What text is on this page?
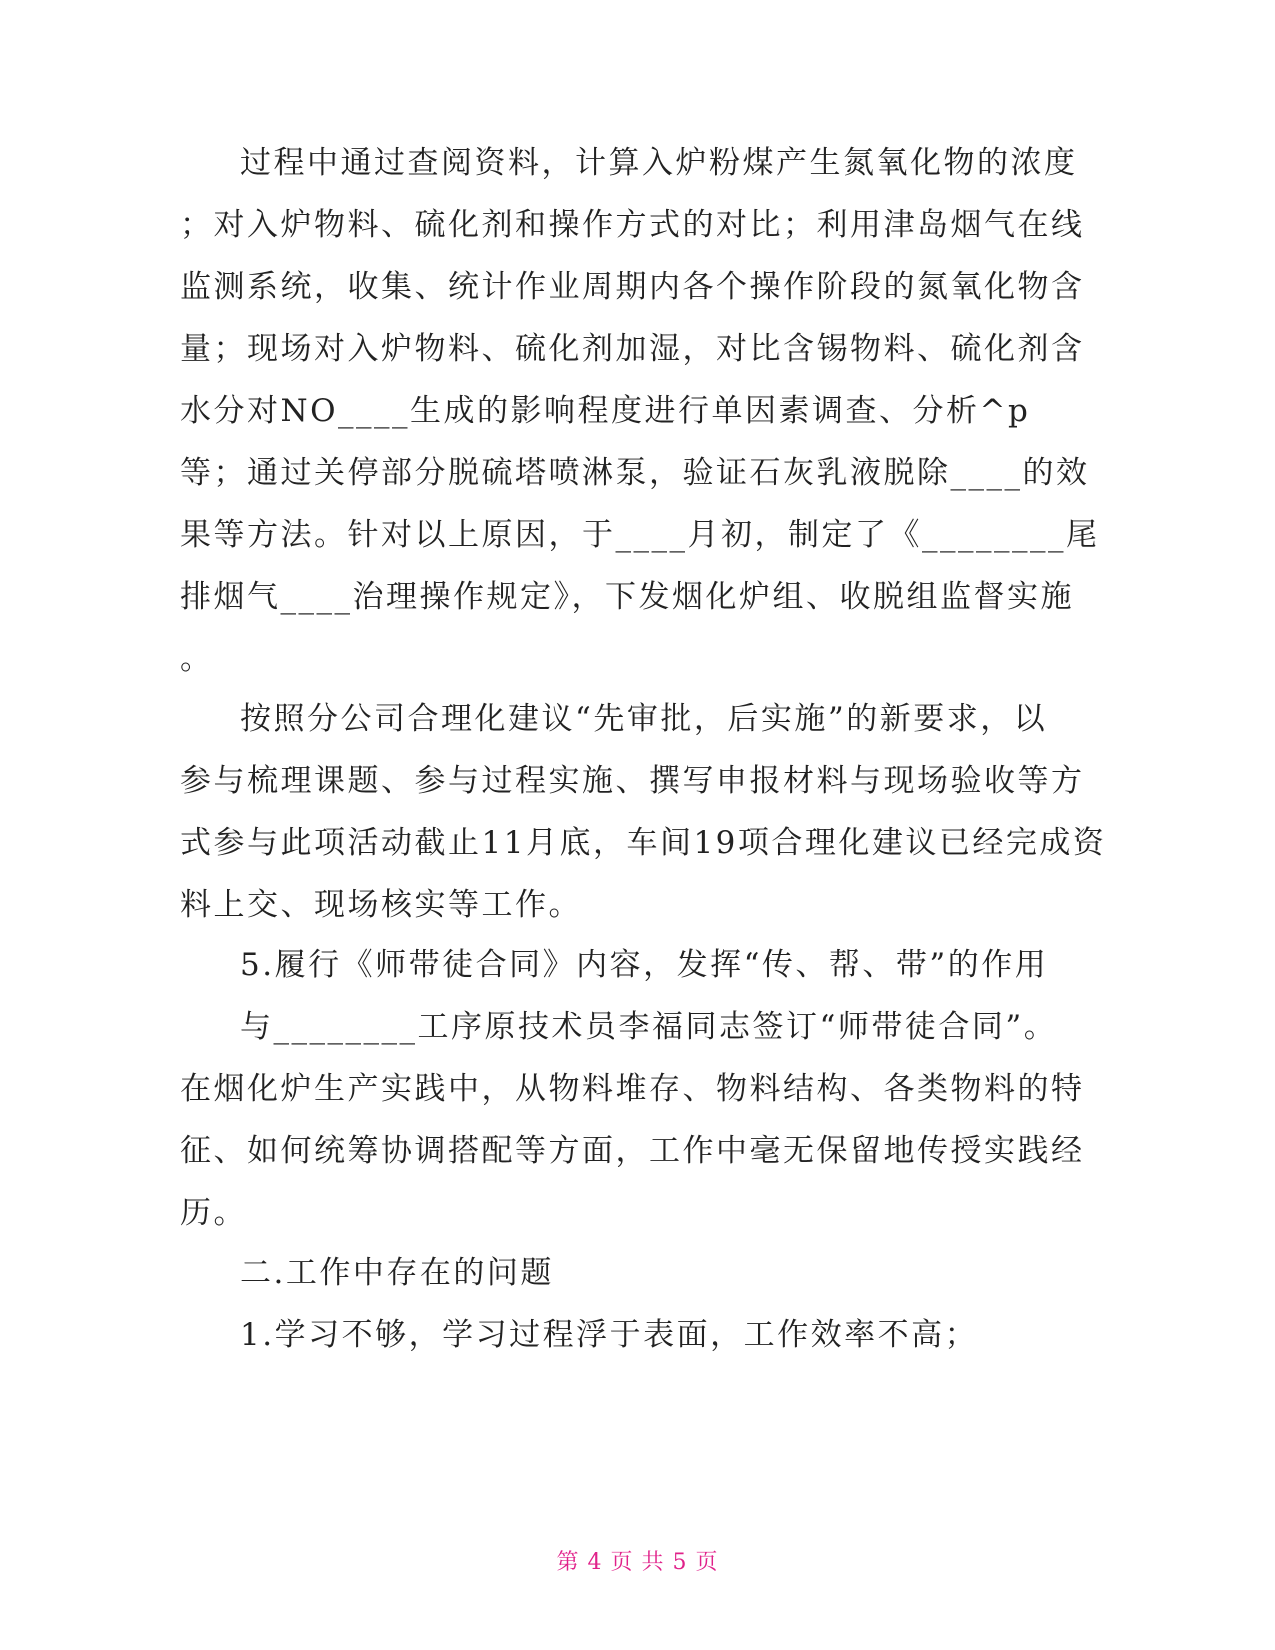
过程中通过查阅资料，计算入炉粉煤产生氮氧化物的浓度
；对入炉物料、硫化剂和操作方式的对比；利用津岛烟气在线
监测系统，收集、统计作业周期内各个操作阶段的氮氧化物含
量；现场对入炉物料、硫化剂加湿，对比含锡物料、硫化剂含
水分对NO____生成的影响程度进行单因素调查、分析^p
等；通过关停部分脱硫塔喷淋泵，验证石灰乳液脱除____的效
果等方法。针对以上原因，于____月初，制定了《________尾
排烟气____治理操作规定》，下发烟化炉组、收脱组监督实施
。
按照分公司合理化建议“先审批，后实施”的新要求，以
参与梳理课题、参与过程实施、撰写申报材料与现场验收等方
式参与此项活动截止11月底，车间19项合理化建议已经完成资
料上交、现场核实等工作。
5.履行《师带徒合同》内容，发挥“传、帮、带”的作用
与________工序原技术员李福同志签订“师带徒合同”。
在烟化炉生产实践中，从物料堆存、物料结构、各类物料的特
征、如何统筹协调搭配等方面，工作中毫无保留地传授实践经
历。
二.工作中存在的问题
1.学习不够，学习过程浮于表面，工作效率不高；
第 4 页 共 5 页
